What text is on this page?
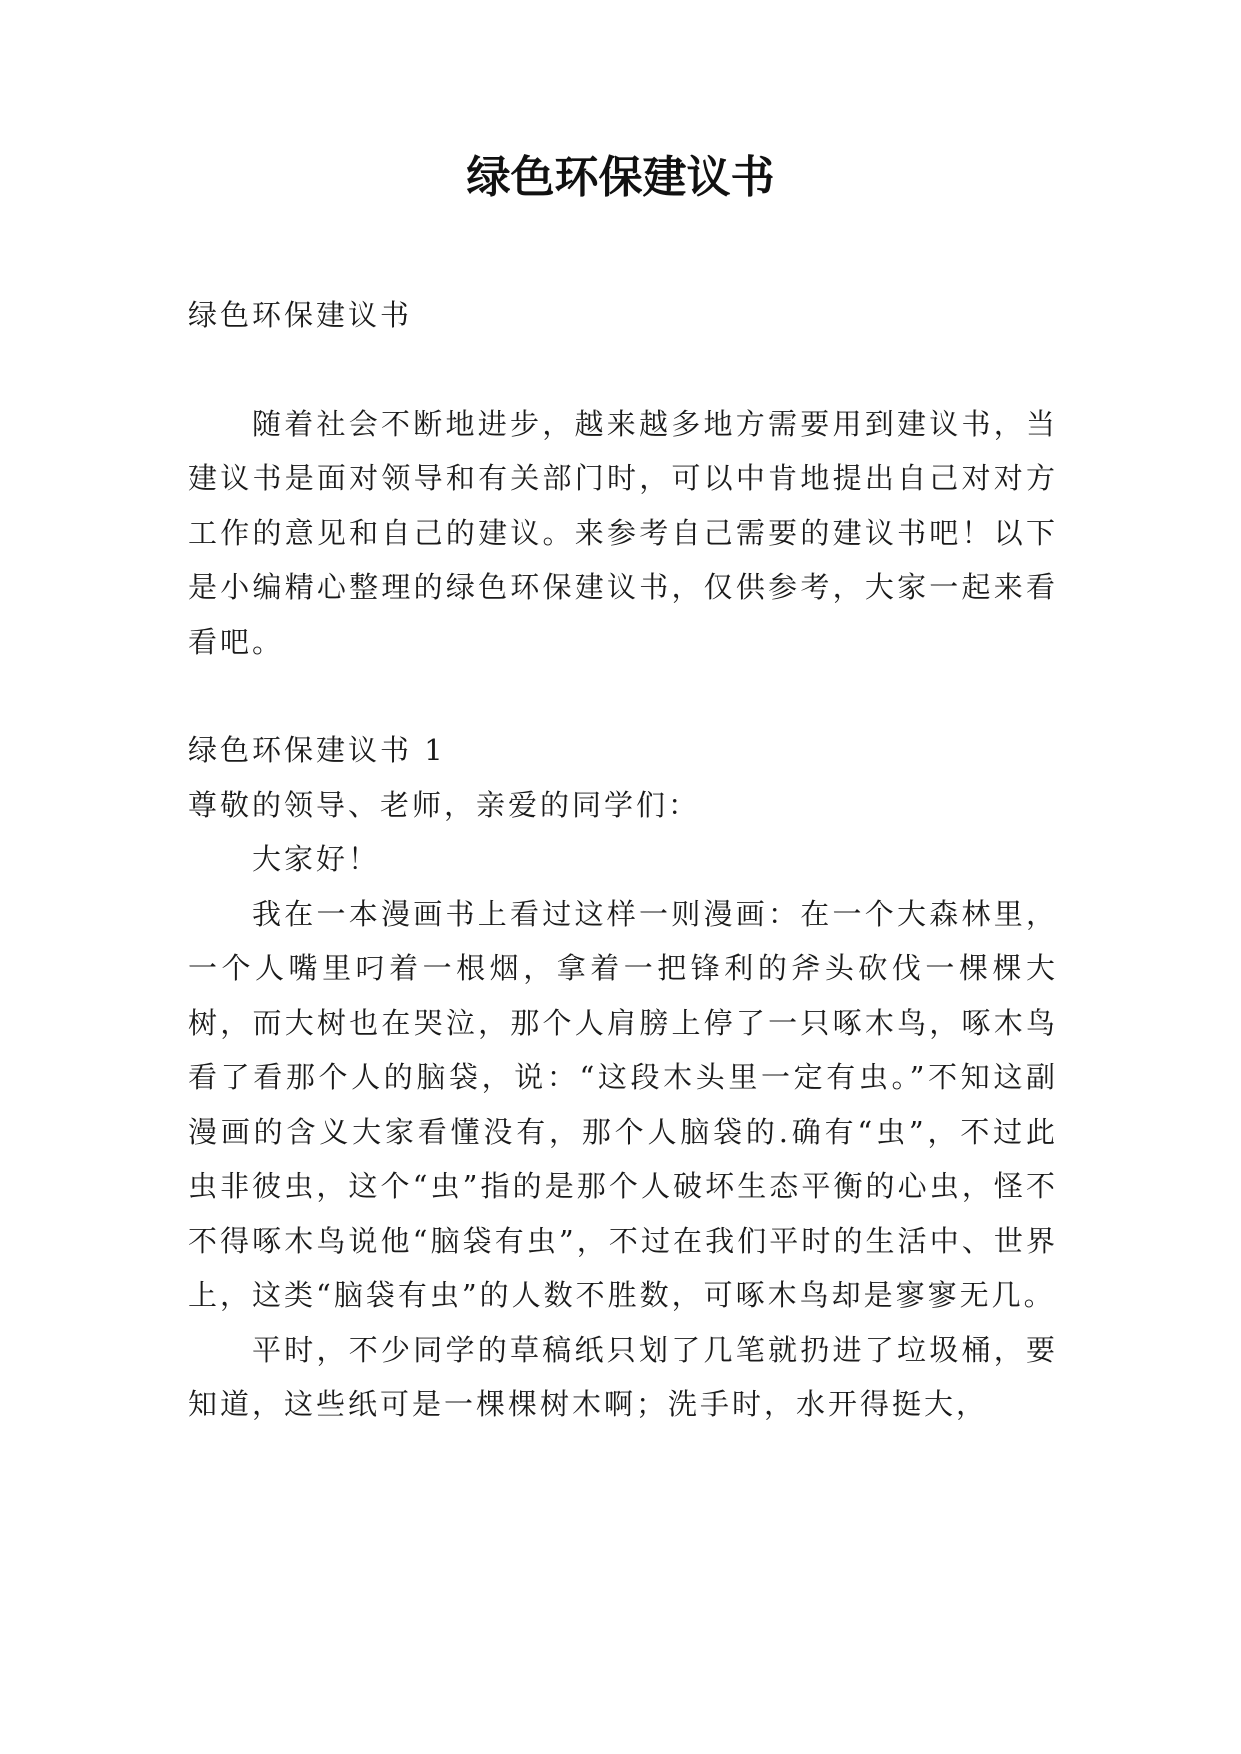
绿色环保建议书

绿色环保建议书

随着社会不断地进步，越来越多地方需要用到建议书，当建议书是面对领导和有关部门时，可以中肯地提出自己对对方工作的意见和自己的建议。来参考自己需要的建议书吧！以下是小编精心整理的绿色环保建议书，仅供参考，大家一起来看看吧。

绿色环保建议书 1

尊敬的领导、老师，亲爱的同学们：

大家好！

我在一本漫画书上看过这样一则漫画：在一个大森林里，一个人嘴里叼着一根烟，拿着一把锋利的斧头砍伐一棵棵大树，而大树也在哭泣，那个人肩膀上停了一只啄木鸟，啄木鸟看了看那个人的脑袋，说：“这段木头里一定有虫。”不知这副漫画的含义大家看懂没有，那个人脑袋的.确有“虫”，不过此虫非彼虫，这个“虫”指的是那个人破坏生态平衡的心虫，怪不不得啄木鸟说他“脑袋有虫”，不过在我们平时的生活中、世界上，这类“脑袋有虫”的人数不胜数，可啄木鸟却是寥寥无几。

平时，不少同学的草稿纸只划了几笔就扔进了垃圾桶，要知道，这些纸可是一棵棵树木啊；洗手时，水开得挺大，
